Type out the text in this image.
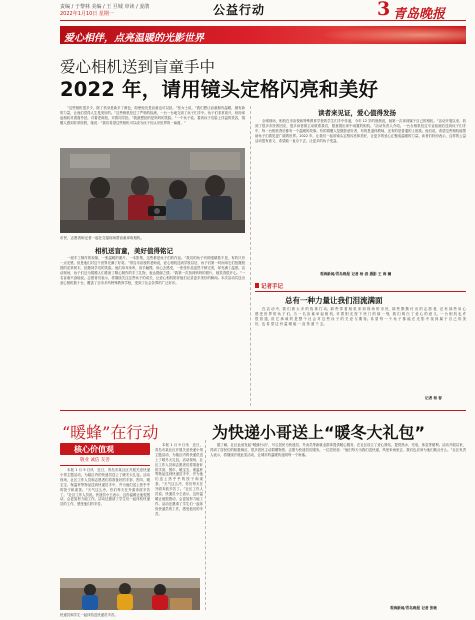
责编 / 于黎林 美编 / 王 旦城 审读 / 姜鹃
2022年1月10日 星期一	公益行动	3 青岛晚报
爱心相伴，点亮温暖的光影世界
爱心相机送到盲童手中
2022 年，请用镜头定格闪亮和美好

“这些相机很多少，除了机身是新多了颜色，即使他们是盲童也可以拍。”张女士说，“我们想让盲童拥有温暖，拥有新的力量，让他们觉得人生是美好的。”这些相机经过了严格的检测，一台一台地交到了孩子们手中。孩子们非常高兴，纷纷拿起相机对着窗外拍，对着老师拍，对着同学拍。“我最想拍的是妈妈的笑脸。”一个孩子说。看到孩子们脸上洋溢的笑容，捐赠人感到非常欣慰，她说：“我们希望这些相机可以成为孩子们认识世界的一扇窗。”

市民、志愿者和记者一起在交接现场帮盲童拿取相机。
相机送盲童，美好值得铭记

一段手工制作的视频、一张温暖的照片、一本影集，这些都是孩子们的作品。“我们的孩子有的眼睛看不见，有的只有一点光感，但是他们对这个世界充满了好奇。”青岛市盲校的老师说，爱心相机送到学校以后，孩子们第一时间用它们拍摄校园的花草树木，拍摄同学们的笑脸。他们用耳朵听，用手触摸，用心去感受，一张张作品虽然不够完美，却充满了温度。活动现场，孩子们还为捐赠人们准备了精心制作的手工礼物，表达感谢之情。“我第一次拍到妈妈的照片，她笑得很开心。”一名盲童兴奋地说。志愿者们表示，将继续关注这些孩子的成长，让爱心相机陪伴他们记录更多美好的瞬间。本次活动共送出爱心相机数十台，覆盖了全市多所特殊教育学校，受到了社会各界的广泛好评。

读者来见证，爱心值得发扬

全城现场，相机在市盲校和特殊教育学校的学生们手中传递，今年 12 岁的晨晨说，她第一次拿到属于自己的相机。“活动开展以来，收到了很多市民的回应，很多读者都主动联系我们，愿意捐出家中闲置的相机。”活动负责人介绍。一台台相机经过专业检测后送到孩子们手中，每一台相机背后都有一个温暖的故事。有的捐赠人是摄影爱好者，有的是退休教师，还有的是普通的上班族。他们说，希望这些相机能帮助孩子们看见更广阔的世界。2022 年，让我们一起用镜头定格闪亮和美好，让更多的爱心汇聚成温暖的力量。读者们纷纷表示，这样的公益活动很有意义，希望能一直办下去，让更多的孩子受益。

观海新闻/青岛晚报 记者 杨 春 摄影 王 海 澜
记者手记
总有一种力量让我们泪流满面

在 活 动 中，我 们 被 太 多 的 故 事 打 动。那 些 带 着 相 机 来 到 现 场 的 市 民，那 些 默 默 付 出 的 志 愿 者，还 有 那 些 用 心 感 受 世 界 的 孩 子 们。当 一 名 盲 童 举 起 相 机，对 着 阳 光 按 下 快 门 的 那 一 刻，我 们 明 白 了 爱 心 的 意 义。一 台 相 机 也 许 很 普 通，但 它 承 载 的 是 整 个 社 会 对 这 些 孩 子 的 关 爱 与 期 待。希 望 每 一 个 孩 子 都 能 在 光 影 中 找 到 属 于 自 己 的 美 好，也 希 望 这 份 温 暖 能 一 直 传 递 下 去。

记者 杨 春
“暖蜂”在行动	为快递小哥送上“暖冬大礼包”
核心价值观
敬业 诚信 友善

本报 1 月 9 日讯　近日，青岛市某社区开展关爱快递小哥主题活动，为辖区内的快递员送上了暖冬大礼包。活动现场，社区工作人员和志愿者们将准备好的手套、围巾、暖宝宝、保温杯等物品送到快递员手中，并为他们送上热乎乎的饺子和姜茶。“天气这么冷，你们每天在外面奔波辛苦了。”社区工作人员说。快递员小王表示，这份温暖让他很感动，会更加努力地工作。活动还邀请了学生们一起体验快递员的工作，感受他们的辛苦。

快递员和学生一起体验送快递员辛苦。

本报 1 月 9 日讯　近日，青岛市某社区开展关爱快递小哥主题活动，为辖区内的快递员送上了暖冬大礼包。活动现场，社区工作人员和志愿者们将准备好的手套、围巾、暖宝宝、保温杯等物品送到快递员手中，并为他们送上热乎乎的饺子和姜茶。“天气这么冷，你们每天在外面奔波辛苦了。”社区工作人员说。快递员小王表示，这份温暖让他很感动，会更加努力地工作。活动还邀请了学生们一起体验快递员的工作，感受他们的辛苦。

据了解，社区此前发起“暖蜂行动”，号召居民为快递员、外卖员等新就业群体提供暖心服务，在社区设立了爱心驿站，提供热水、充电、休息等便利。活动开展以来，得到了居民们的积极响应，很多居民主动捐赠物资，志愿为快递员们服务。一位居民说：“他们每天为我们送快递，风里来雨里去，我们也应该为他们做点什么。”社区负责人表示，将继续开展此类活动，让城市的温暖传递到每一个角落。

观海新闻/青岛晚报 记者 张敏
